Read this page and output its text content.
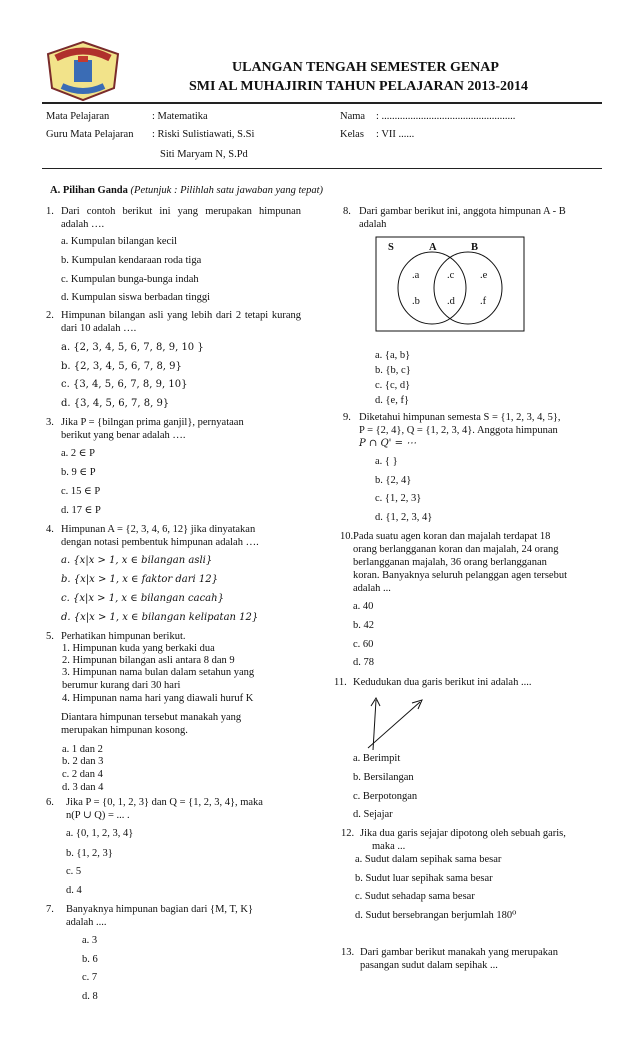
ULANGAN TENGAH SEMESTER GENAP
SMI AL MUHAJIRIN TAHUN PELAJARAN 2013-2014
Mata Pelajaran	: Matematika
Guru Mata Pelajaran : Riski Sulistiawati, S.Si
Siti Maryam N, S.Pd
Nama : ...................................................
Kelas : VII ......
A. Pilihan Ganda (Petunjuk : Pilihlah satu jawaban yang tepat)
1. Dari contoh berikut ini yang merupakan himpunan adalah ….
a. Kumpulan bilangan kecil
b. Kumpulan kendaraan roda tiga
c. Kumpulan bunga-bunga indah
d. Kumpulan siswa berbadan tinggi
2. Himpunan bilangan asli yang lebih dari 2 tetapi kurang dari 10 adalah ….
a. {2, 3, 4, 5, 6, 7, 8, 9, 10 }
b. {2, 3, 4, 5, 6, 7, 8, 9}
c. {3, 4, 5, 6, 7, 8, 9, 10}
d. {3, 4, 5, 6, 7, 8, 9}
3. Jika P = {bilngan prima ganjil}, pernyataan
berikut yang benar adalah ….
a. 2 ∈ P
b. 9 ∈ P
c. 15 ∈ P
d. 17 ∈ P
4. Himpunan A = {2, 3, 4, 6, 12} jika dinyatakan
dengan notasi pembentuk himpunan adalah ….
a. {x|x > 1, x ∈ bilangan asli}
b. {x|x > 1, x ∈ faktor dari 12}
c. {x|x > 1, x ∈ bilangan cacah}
d. {x|x > 1, x ∈ bilangan kelipatan 12}
5. Perhatikan himpunan berikut.
1. Himpunan kuda yang berkaki dua
2. Himpunan bilangan asli antara 8 dan 9
3. Himpunan nama bulan dalam setahun yang
berumur kurang dari 30 hari
4. Himpunan nama hari yang diawali huruf K
Diantara himpunan tersebut manakah yang
merupakan himpunan kosong.
a. 1 dan 2
b. 2 dan 3
c. 2 dan 4
d. 3 dan 4
6. Jika P = {0, 1, 2, 3} dan Q = {1, 2, 3, 4}, maka
n(P ∪ Q) = ... .
a. {0, 1, 2, 3, 4}
b. {1, 2, 3}
c. 5
d. 4
7. Banyaknya himpunan bagian dari {M, T, K}
adalah ....
a. 3
b. 6
c. 7
d. 8
8. Dari gambar berikut ini, anggota himpunan A - B
adalah
S	A	B
.a	.c .e
.b	.d .f
a. {a, b}
b. {b, c}
c. {c, d}
d. {e, f}
9. Diketahui himpunan semesta S = {1, 2, 3, 4, 5},
P = {2, 4}, Q = {1, 2, 3, 4}. Anggota himpunan
P ∩ Q' = ⋯
a. { }
b. {2, 4}
c. {1, 2, 3}
d. {1, 2, 3, 4}
10. Pada suatu agen koran dan majalah terdapat 18
orang berlangganan koran dan majalah, 24 orang
berlangganan majalah, 36 orang berlangganan
koran. Banyaknya seluruh pelanggan agen tersebut
adalah ...
a. 40
b. 42
c. 60
d. 78
11. Kedudukan dua garis berikut ini adalah ....
a. Berimpit
b. Bersilangan
c. Berpotongan
d. Sejajar
12. Jika dua garis sejajar dipotong oleh sebuah garis,
maka ...
a. Sudut dalam sepihak sama besar
b. Sudut luar sepihak sama besar
c. Sudut sehadap sama besar
d. Sudut bersebrangan berjumlah 180⁰
13. Dari gambar berikut manakah yang merupakan
pasangan sudut dalam sepihak ...
